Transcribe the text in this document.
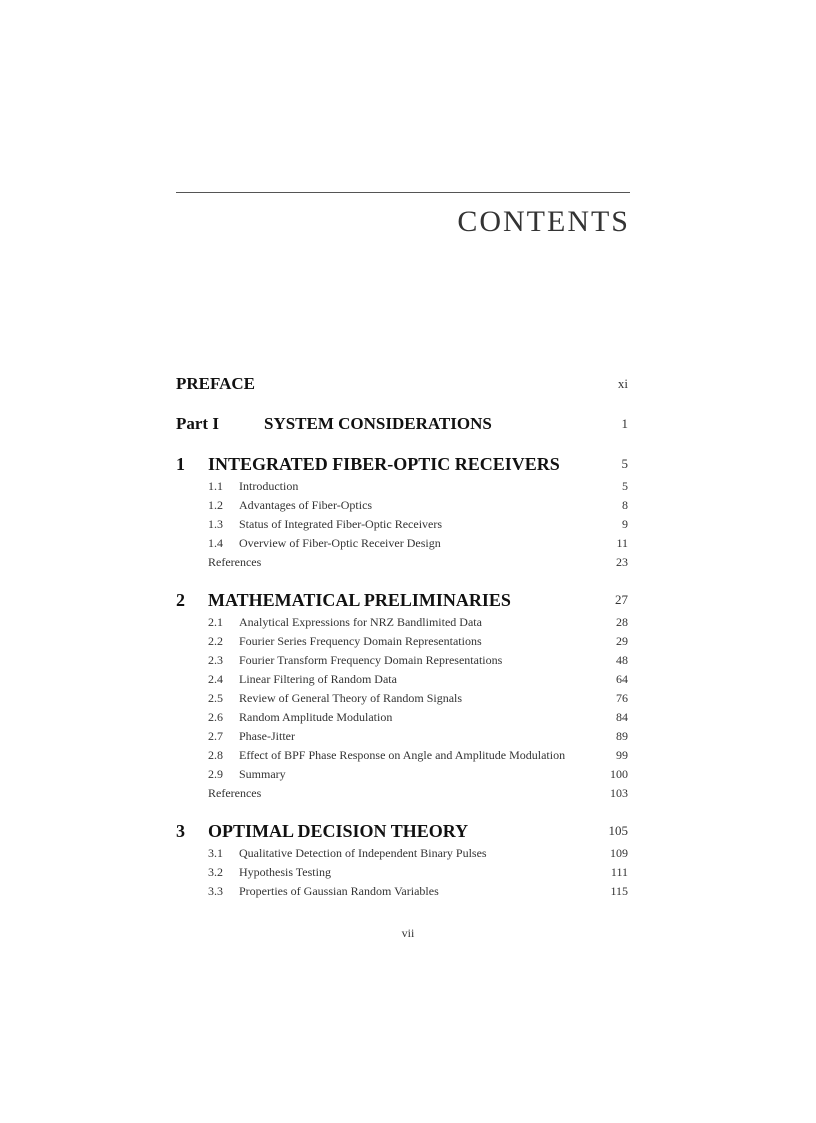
CONTENTS
PREFACE	xi
Part I	SYSTEM CONSIDERATIONS	1
1 INTEGRATED FIBER-OPTIC RECEIVERS	5
1.1 Introduction	5
1.2 Advantages of Fiber-Optics	8
1.3 Status of Integrated Fiber-Optic Receivers	9
1.4 Overview of Fiber-Optic Receiver Design	11
References	23
2 MATHEMATICAL PRELIMINARIES	27
2.1 Analytical Expressions for NRZ Bandlimited Data	28
2.2 Fourier Series Frequency Domain Representations	29
2.3 Fourier Transform Frequency Domain Representations	48
2.4 Linear Filtering of Random Data	64
2.5 Review of General Theory of Random Signals	76
2.6 Random Amplitude Modulation	84
2.7 Phase-Jitter	89
2.8 Effect of BPF Phase Response on Angle and Amplitude Modulation	99
2.9 Summary	100
References	103
3 OPTIMAL DECISION THEORY	105
3.1 Qualitative Detection of Independent Binary Pulses	109
3.2 Hypothesis Testing	111
3.3 Properties of Gaussian Random Variables	115
vii
